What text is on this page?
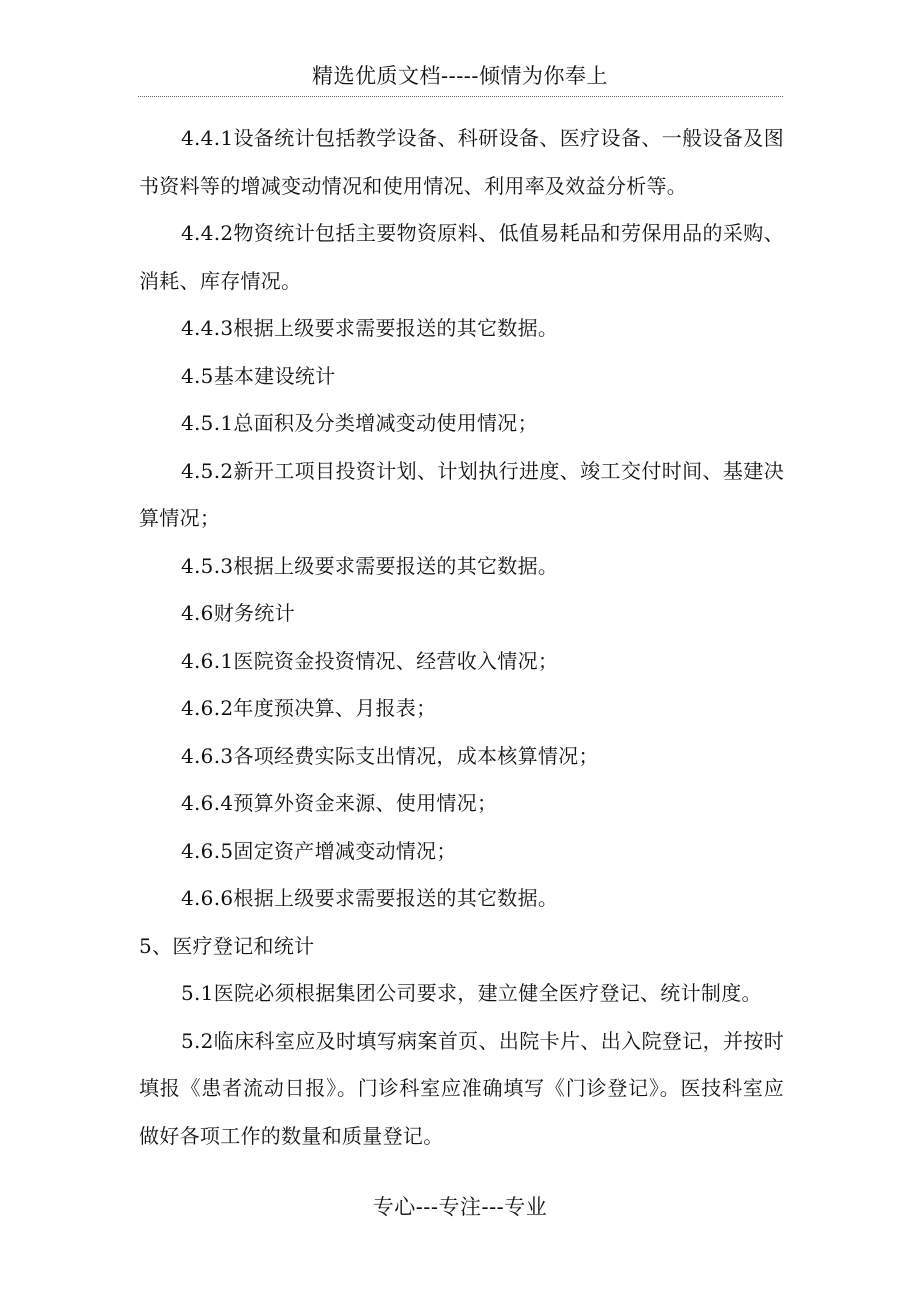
精选优质文档-----倾情为你奉上

4.4.1设备统计包括教学设备、科研设备、医疗设备、一般设备及图书资料等的增减变动情况和使用情况、利用率及效益分析等。

4.4.2物资统计包括主要物资原料、低值易耗品和劳保用品的采购、消耗、库存情况。

4.4.3根据上级要求需要报送的其它数据。

4.5基本建设统计

4.5.1总面积及分类增减变动使用情况；

4.5.2新开工项目投资计划、计划执行进度、竣工交付时间、基建决算情况；

4.5.3根据上级要求需要报送的其它数据。

4.6财务统计

4.6.1医院资金投资情况、经营收入情况；

4.6.2年度预决算、月报表；

4.6.3各项经费实际支出情况，成本核算情况；

4.6.4预算外资金来源、使用情况；

4.6.5固定资产增减变动情况；

4.6.6根据上级要求需要报送的其它数据。

5、医疗登记和统计

5.1医院必须根据集团公司要求，建立健全医疗登记、统计制度。

5.2临床科室应及时填写病案首页、出院卡片、出入院登记，并按时填报《患者流动日报》。门诊科室应准确填写《门诊登记》。医技科室应做好各项工作的数量和质量登记。

专心---专注---专业
